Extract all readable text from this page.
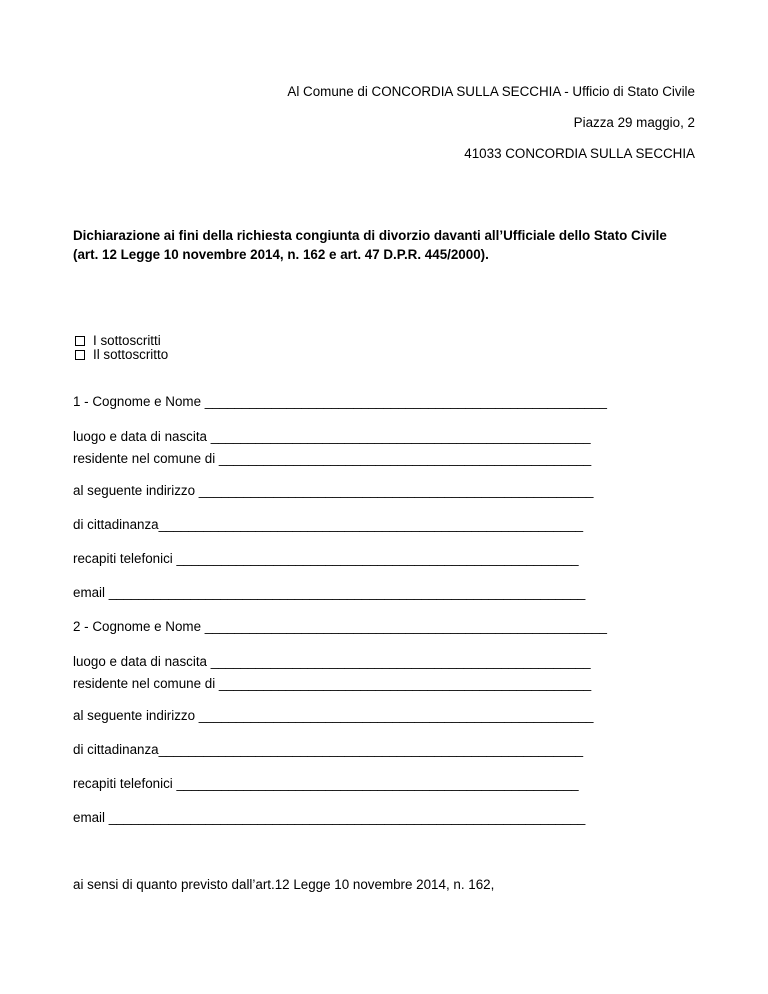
Al Comune di CONCORDIA SULLA SECCHIA - Ufficio di Stato Civile
Piazza 29 maggio, 2
41033 CONCORDIA SULLA SECCHIA
Dichiarazione ai fini della richiesta congiunta di divorzio davanti all’Ufficiale dello Stato Civile (art. 12 Legge 10 novembre 2014, n. 162 e art. 47 D.P.R. 445/2000).
I sottoscritti
Il sottoscritto
1 - Cognome e Nome ______________________________________________________
luogo e data di nascita ___________________________________________________
residente nel comune di __________________________________________________
al seguente indirizzo _____________________________________________________
di cittadinanza_________________________________________________________
recapiti telefonici ______________________________________________________
email ________________________________________________________________
2 - Cognome e Nome ______________________________________________________
luogo e data di nascita ___________________________________________________
residente nel comune di __________________________________________________
al seguente indirizzo _____________________________________________________
di cittadinanza_________________________________________________________
recapiti telefonici ______________________________________________________
email ________________________________________________________________
ai sensi di quanto previsto dall’art.12 Legge 10 novembre 2014, n. 162,
